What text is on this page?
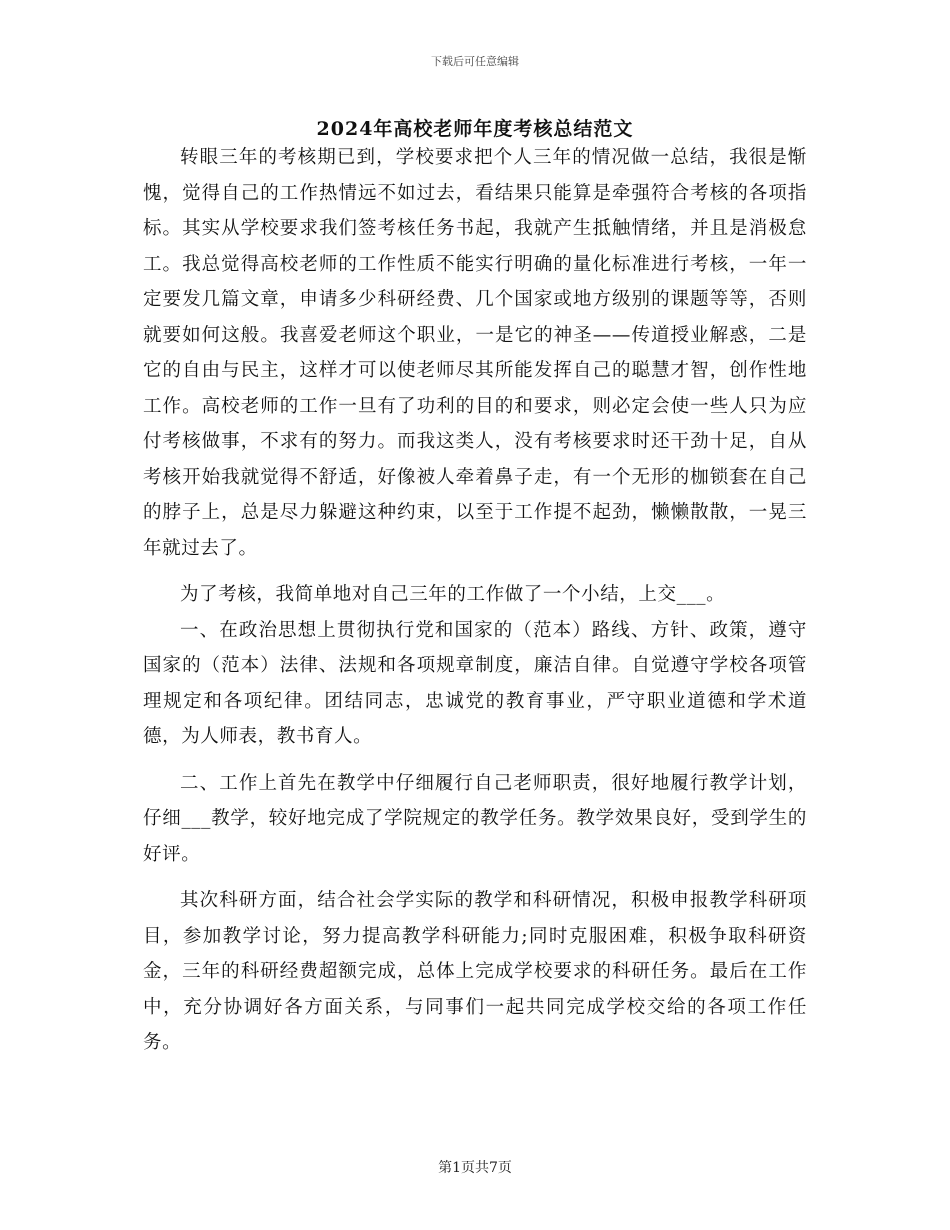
下载后可任意编辑
2024年高校老师年度考核总结范文

转眼三年的考核期已到，学校要求把个人三年的情况做一总结，我很是惭愧，觉得自己的工作热情远不如过去，看结果只能算是牵强符合考核的各项指标。其实从学校要求我们签考核任务书起，我就产生抵触情绪，并且是消极怠工。我总觉得高校老师的工作性质不能实行明确的量化标准进行考核，一年一定要发几篇文章，申请多少科研经费、几个国家或地方级别的课题等等，否则就要如何这般。我喜爱老师这个职业，一是它的神圣——传道授业解惑，二是它的自由与民主，这样才可以使老师尽其所能发挥自己的聪慧才智，创作性地工作。高校老师的工作一旦有了功利的目的和要求，则必定会使一些人只为应付考核做事，不求有的努力。而我这类人，没有考核要求时还干劲十足，自从考核开始我就觉得不舒适，好像被人牵着鼻子走，有一个无形的枷锁套在自己的脖子上，总是尽力躲避这种约束，以至于工作提不起劲，懒懒散散，一晃三年就过去了。

为了考核，我简单地对自己三年的工作做了一个小结，上交___。

一、在政治思想上贯彻执行党和国家的（范本）路线、方针、政策，遵守国家的（范本）法律、法规和各项规章制度，廉洁自律。自觉遵守学校各项管理规定和各项纪律。团结同志，忠诚党的教育事业，严守职业道德和学术道德，为人师表，教书育人。

二、工作上首先在教学中仔细履行自己老师职责，很好地履行教学计划，仔细___教学，较好地完成了学院规定的教学任务。教学效果良好，受到学生的好评。

其次科研方面，结合社会学实际的教学和科研情况，积极申报教学科研项目，参加教学讨论，努力提高教学科研能力;同时克服困难，积极争取科研资金，三年的科研经费超额完成，总体上完成学校要求的科研任务。最后在工作中，充分协调好各方面关系，与同事们一起共同完成学校交给的各项工作任务。

第1页共7页
